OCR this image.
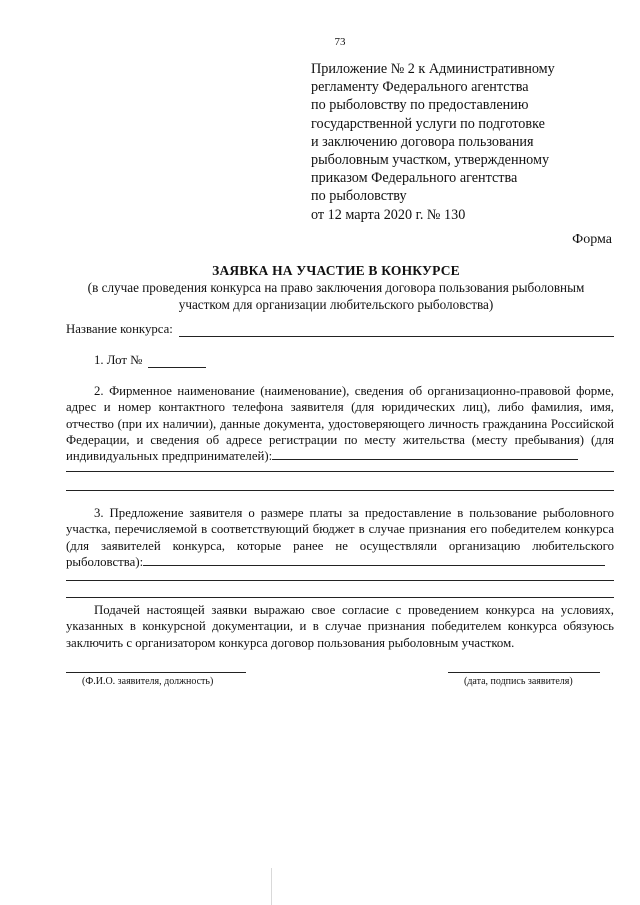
73
Приложение № 2 к Административному
регламенту Федерального агентства
по рыболовству по предоставлению
государственной услуги по подготовке
и заключению договора пользования
рыболовным участком, утвержденному
приказом Федерального агентства
по рыболовству
от 12 марта 2020 г. № 130
Форма
ЗАЯВКА НА УЧАСТИЕ В КОНКУРСЕ
(в случае проведения конкурса на право заключения договора пользования рыболовным участком для организации любительского рыболовства)
Название конкурса:
1. Лот №
2. Фирменное наименование (наименование), сведения об организационно-правовой форме, адрес и номер контактного телефона заявителя (для юридических лиц), либо фамилия, имя, отчество (при их наличии), данные документа, удостоверяющего личность гражданина Российской Федерации, и сведения об адресе регистрации по месту жительства (месту пребывания) (для индивидуальных предпринимателей):
3. Предложение заявителя о размере платы за предоставление в пользование рыболовного участка, перечисляемой в соответствующий бюджет в случае признания его победителем конкурса (для заявителей конкурса, которые ранее не осуществляли организацию любительского рыболовства):
Подачей настоящей заявки выражаю свое согласие с проведением конкурса на условиях, указанных в конкурсной документации, и в случае признания победителем конкурса обязуюсь заключить с организатором конкурса договор пользования рыболовным участком.
(Ф.И.О. заявителя, должность)	(дата, подпись заявителя)
